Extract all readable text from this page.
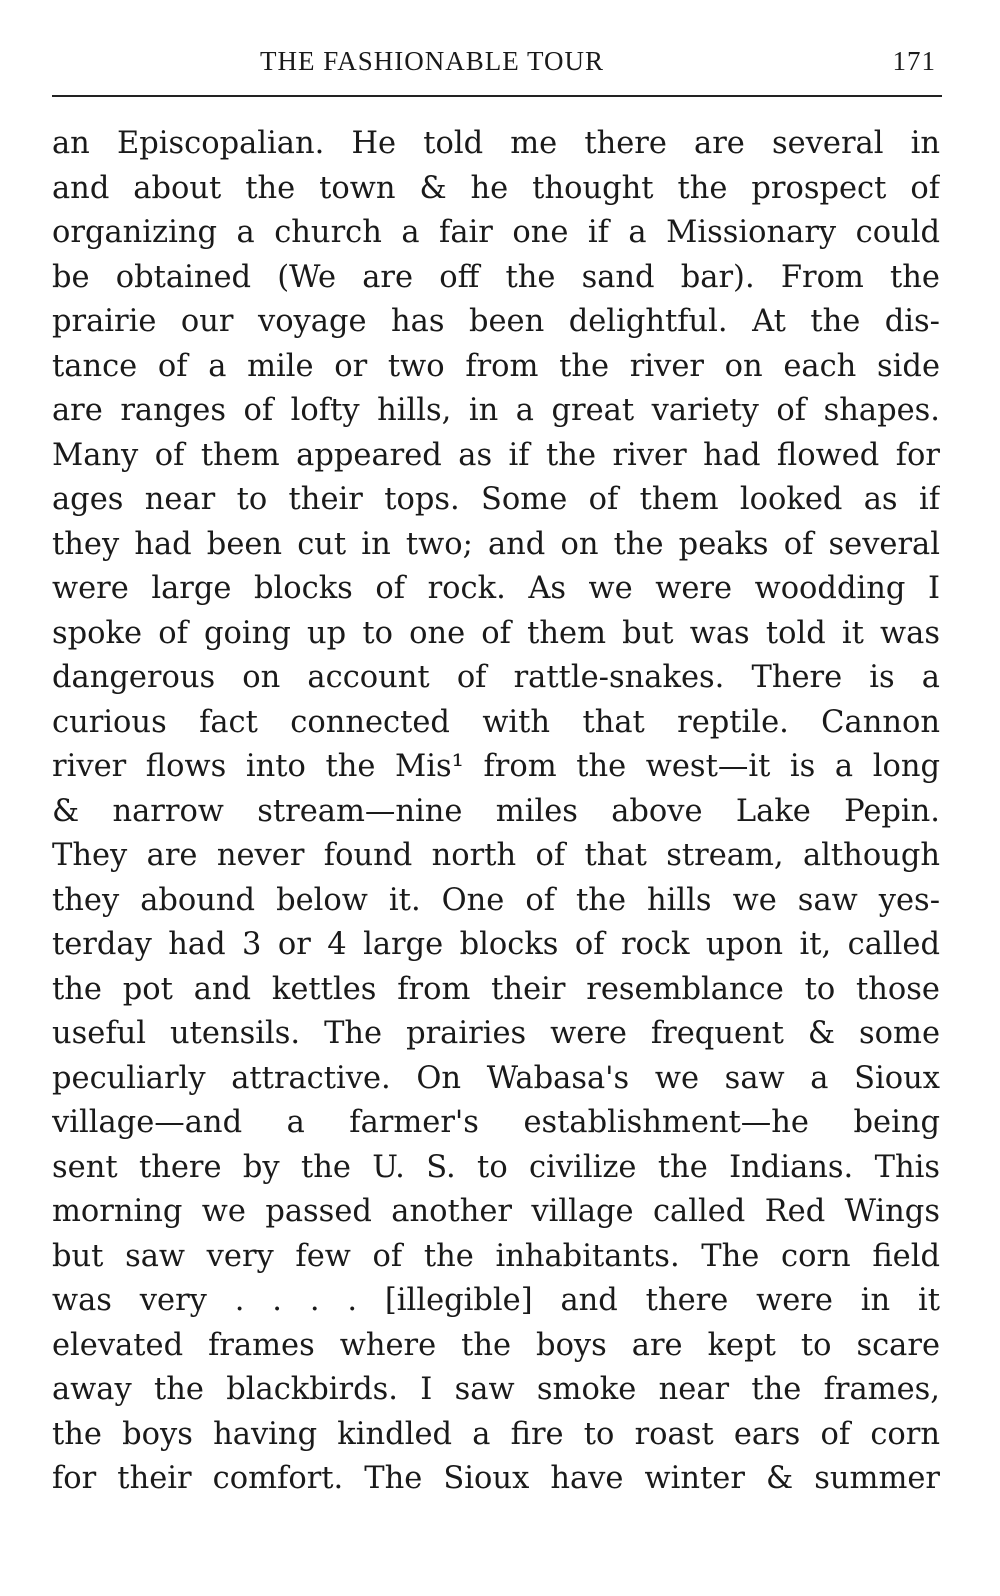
THE FASHIONABLE TOUR	171
an Episcopalian. He told me there are several in
and about the town & he thought the prospect of
organizing a church a fair one if a Missionary could
be obtained (We are off the sand bar). From the
prairie our voyage has been delightful. At the dis-
tance of a mile or two from the river on each side
are ranges of lofty hills, in a great variety of shapes.
Many of them appeared as if the river had flowed for
ages near to their tops. Some of them looked as if
they had been cut in two; and on the peaks of several
were large blocks of rock. As we were woodding I
spoke of going up to one of them but was told it was
dangerous on account of rattle-snakes. There is a
curious fact connected with that reptile. Cannon
river flows into the Mis¹ from the west—it is a long
& narrow stream—nine miles above Lake Pepin.
They are never found north of that stream, although
they abound below it. One of the hills we saw yes-
terday had 3 or 4 large blocks of rock upon it, called
the pot and kettles from their resemblance to those
useful utensils. The prairies were frequent & some
peculiarly attractive. On Wabasa's we saw a Sioux
village—and a farmer's establishment—he being
sent there by the U. S. to civilize the Indians. This
morning we passed another village called Red Wings
but saw very few of the inhabitants. The corn field
was very . . . . [illegible] and there were in it
elevated frames where the boys are kept to scare
away the blackbirds. I saw smoke near the frames,
the boys having kindled a fire to roast ears of corn
for their comfort. The Sioux have winter & summer
